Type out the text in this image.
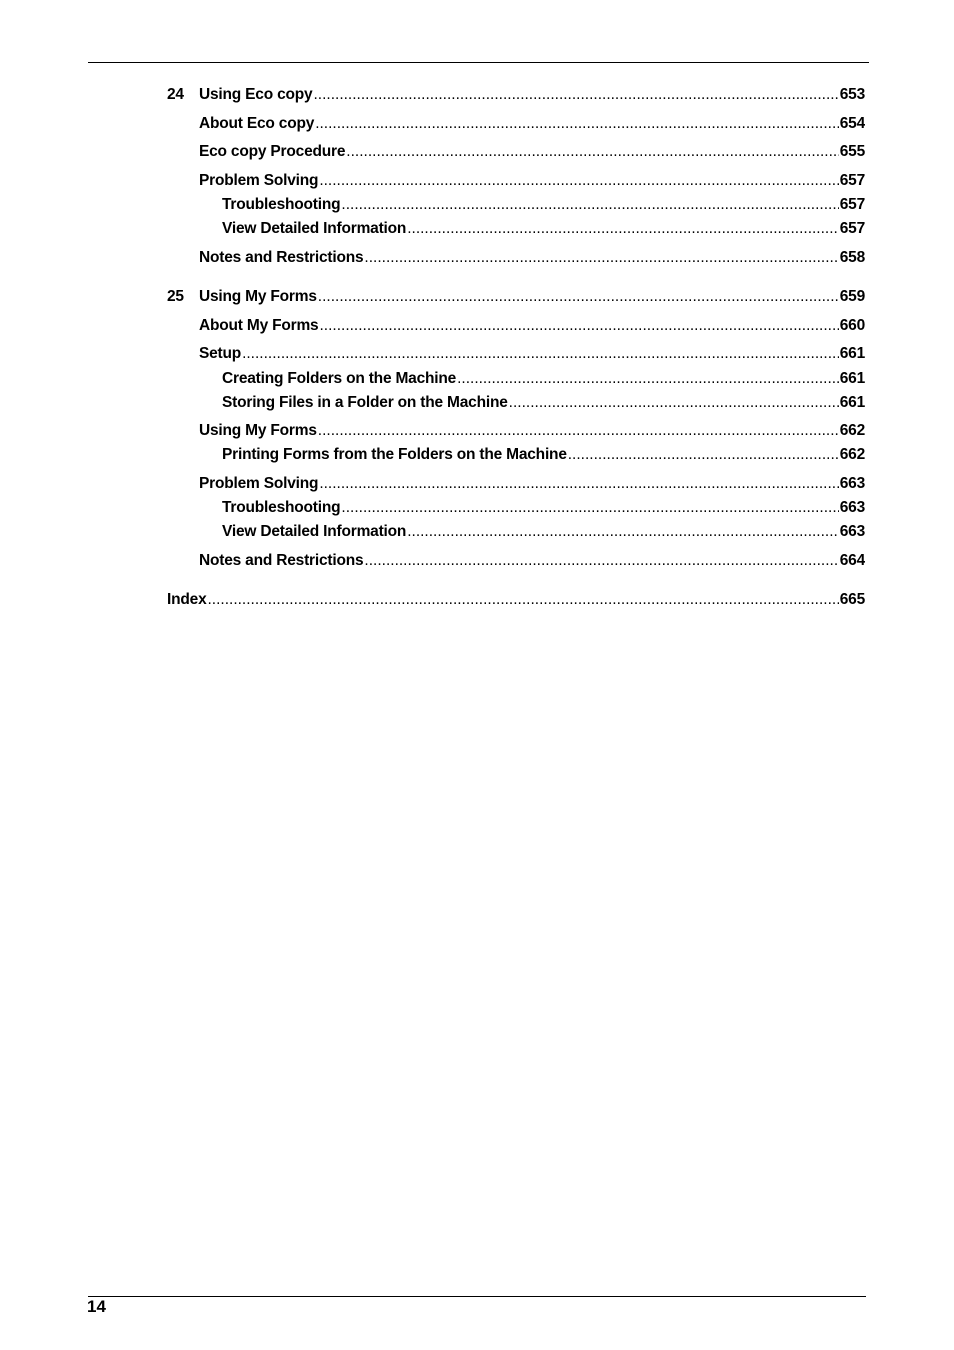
24 Using Eco copy .....	653
About Eco copy .....	654
Eco copy Procedure .....	655
Problem Solving .....	657
Troubleshooting .....	657
View Detailed Information .....	657
Notes and Restrictions .....	658
25 Using My Forms .....	659
About My Forms .....	660
Setup .....	661
Creating Folders on the Machine .....	661
Storing Files in a Folder on the Machine .....	661
Using My Forms .....	662
Printing Forms from the Folders on the Machine .....	662
Problem Solving .....	663
Troubleshooting .....	663
View Detailed Information .....	663
Notes and Restrictions .....	664
Index .....	665
14
